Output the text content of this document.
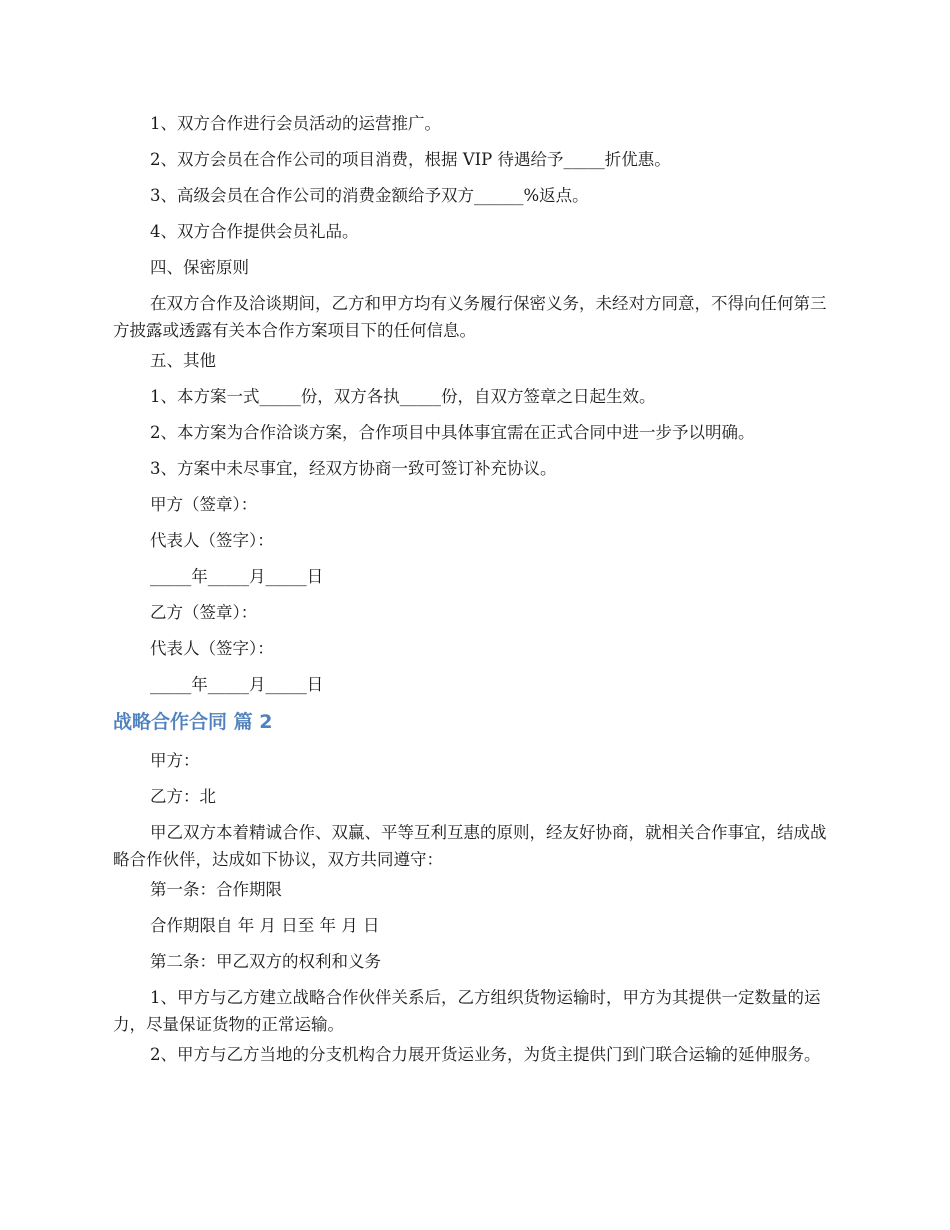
1、双方合作进行会员活动的运营推广。

2、双方会员在合作公司的项目消费，根据 VIP 待遇给予_____折优惠。

3、高级会员在合作公司的消费金额给予双方______%返点。

4、双方合作提供会员礼品。

四、保密原则

在双方合作及洽谈期间，乙方和甲方均有义务履行保密义务，未经对方同意，不得向任何第三方披露或透露有关本合作方案项目下的任何信息。

五、其他

1、本方案一式_____份，双方各执_____份，自双方签章之日起生效。

2、本方案为合作洽谈方案，合作项目中具体事宜需在正式合同中进一步予以明确。

3、方案中未尽事宜，经双方协商一致可签订补充协议。

甲方（签章）：

代表人（签字）：

_____年_____月_____日

乙方（签章）：

代表人（签字）：

_____年_____月_____日

战略合作合同 篇 2

甲方：

乙方：北

甲乙双方本着精诚合作、双赢、平等互利互惠的原则，经友好协商，就相关合作事宜，结成战略合作伙伴，达成如下协议，双方共同遵守：

第一条：合作期限

合作期限自 年 月 日至 年 月 日

第二条：甲乙双方的权利和义务

1、甲方与乙方建立战略合作伙伴关系后，乙方组织货物运输时，甲方为其提供一定数量的运力，尽量保证货物的正常运输。

2、甲方与乙方当地的分支机构合力展开货运业务，为货主提供门到门联合运输的延伸服务。
